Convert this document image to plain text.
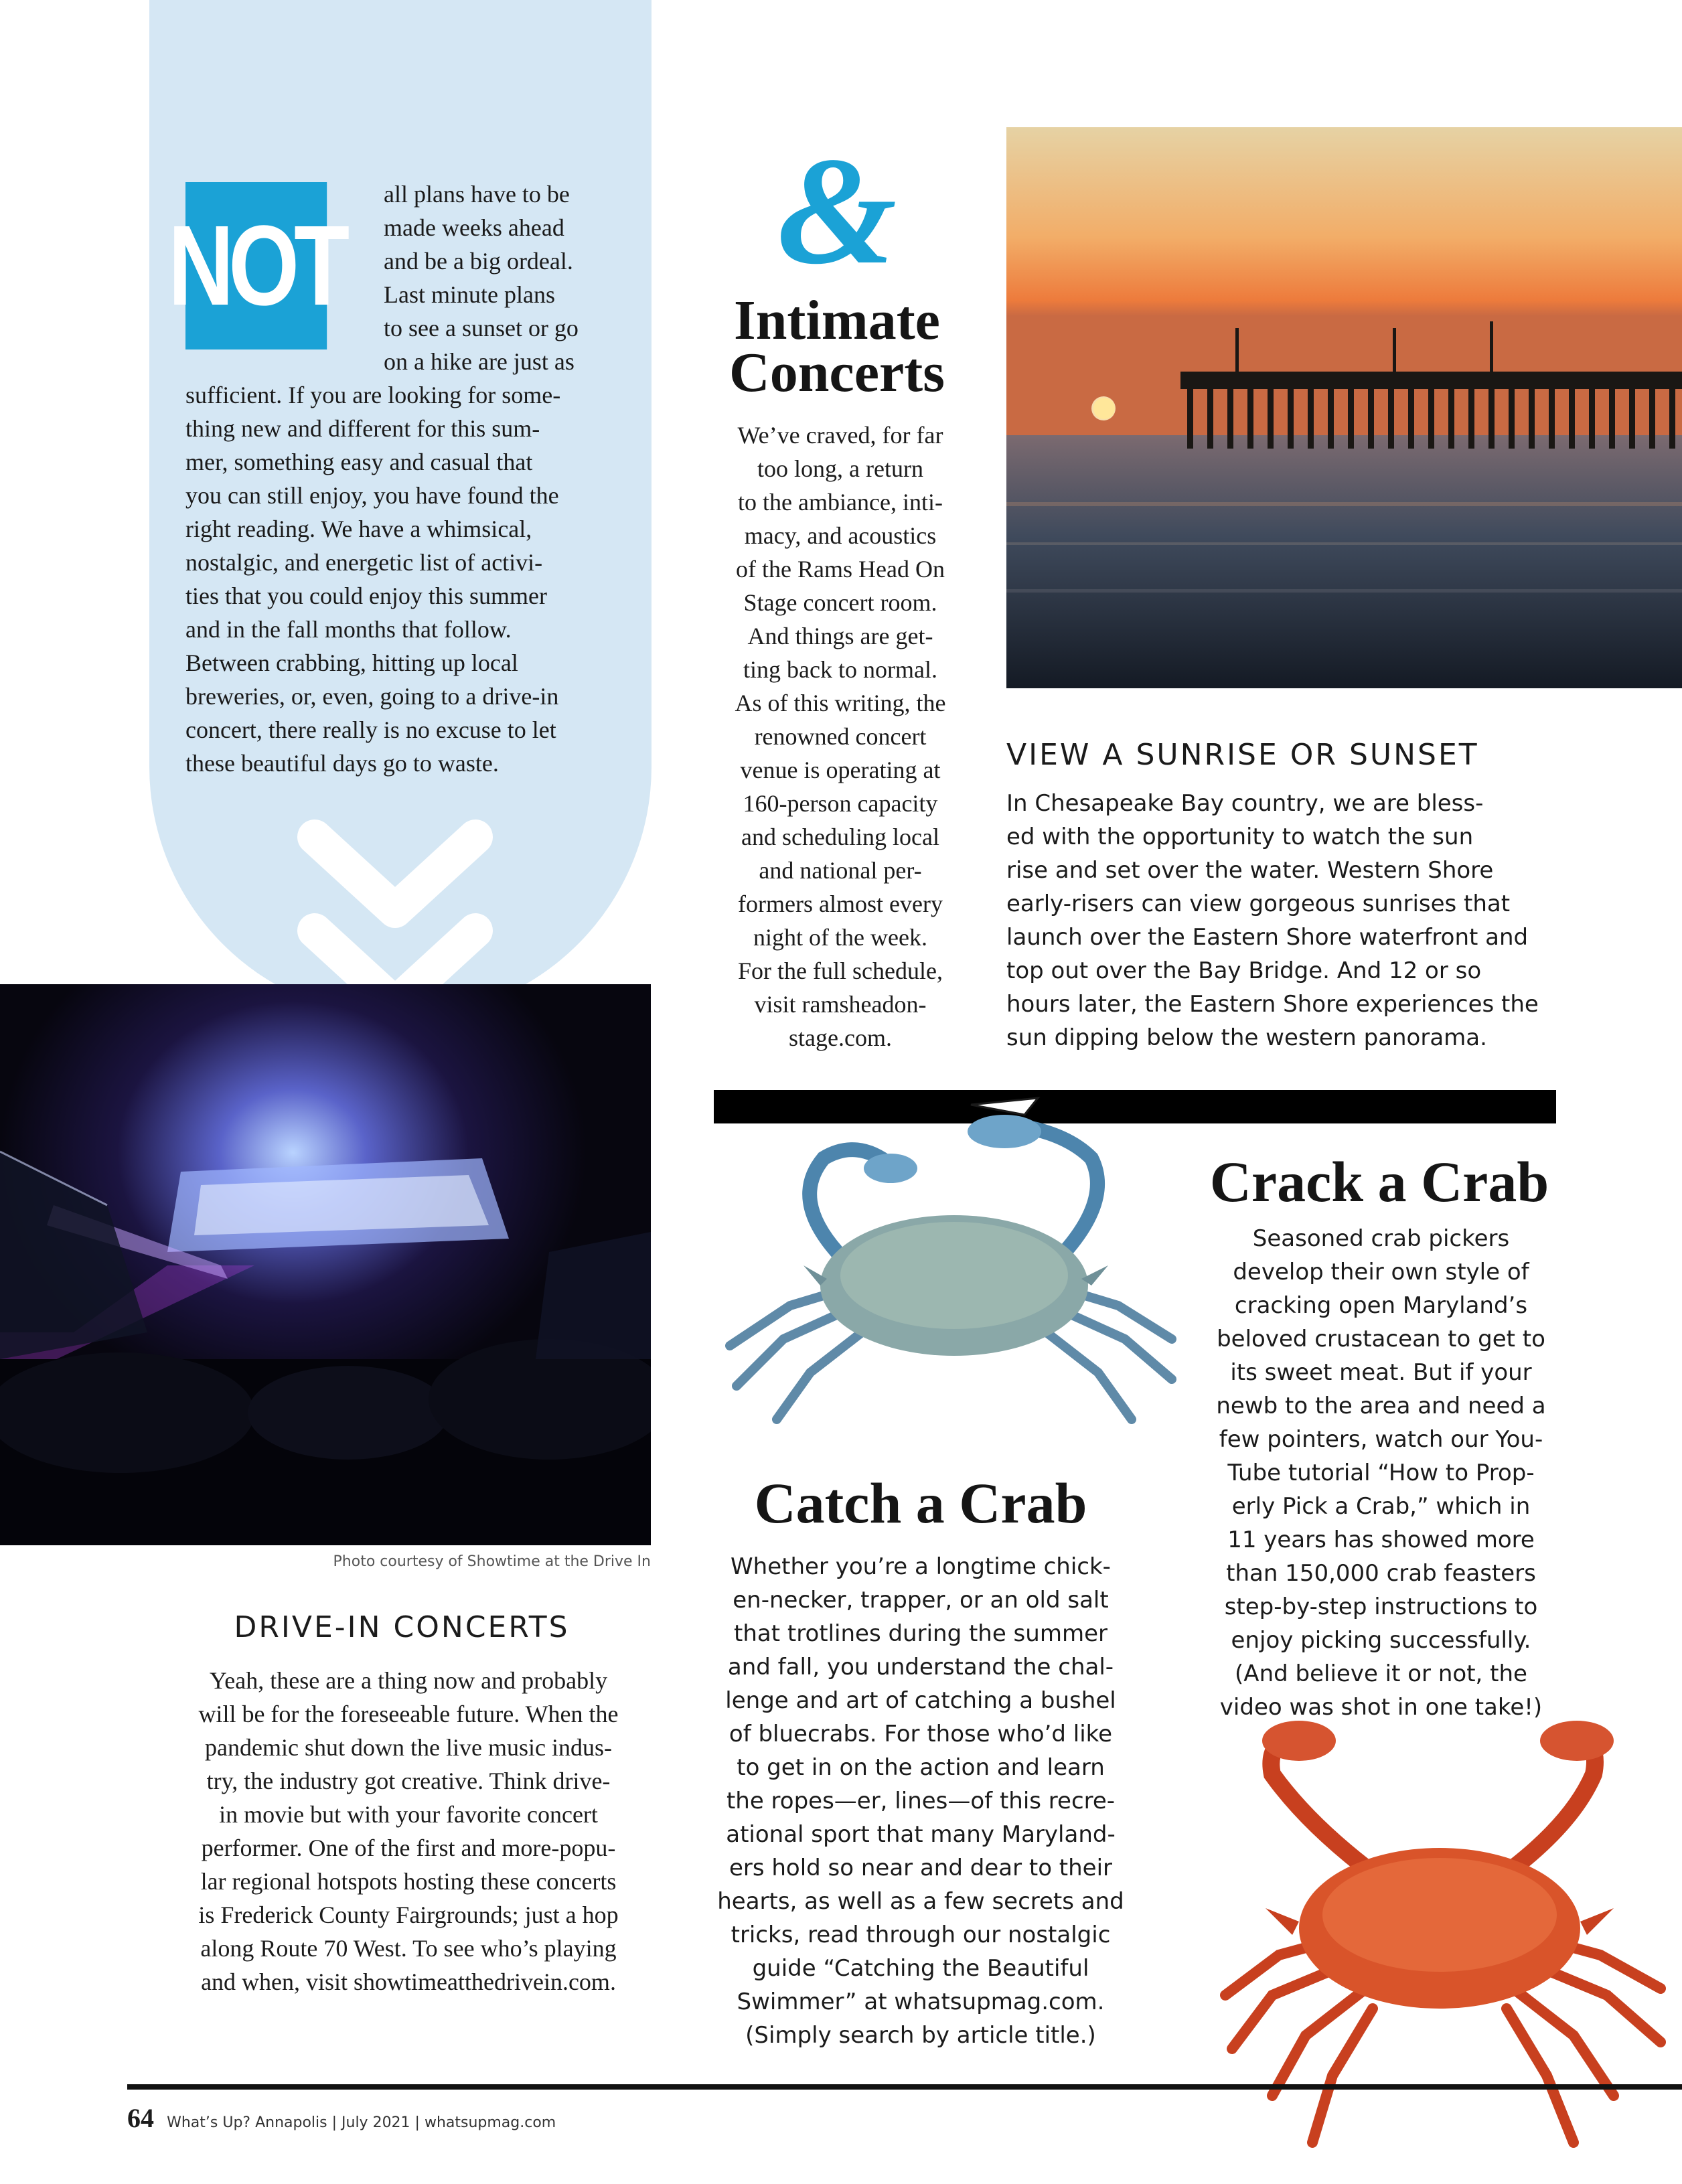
NOT
all plans have to be
made weeks ahead
and be a big ordeal.
Last minute plans
to see a sunset or go
on a hike are just as
sufficient. If you are looking for some-
thing new and different for this sum-
mer, something easy and casual that
you can still enjoy, you have found the
right reading. We have a whimsical,
nostalgic, and energetic list of activi-
ties that you could enjoy this summer
and in the fall months that follow.
Between crabbing, hitting up local
breweries, or, even, going to a drive-in
concert, there really is no excuse to let
these beautiful days go to waste.
Photo courtesy of Showtime at the Drive In
DRIVE-IN CONCERTS
Yeah, these are a thing now and probably
will be for the foreseeable future. When the
pandemic shut down the live music indus-
try, the industry got creative. Think drive-
in movie but with your favorite concert
performer. One of the first and more-popu-
lar regional hotspots hosting these concerts
is Frederick County Fairgrounds; just a hop
along Route 70 West. To see who’s playing
and when, visit showtimeatthedrivein.com.
&
Intimate
Concerts
We’ve craved, for far
too long, a return
to the ambiance, inti-
macy, and acoustics
of the Rams Head On
Stage concert room.
And things are get-
ting back to normal.
As of this writing, the
renowned concert
venue is operating at
160-person capacity
and scheduling local
and national per-
formers almost every
night of the week.
For the full schedule,
visit ramsheadon-
stage.com.
VIEW A SUNRISE OR SUNSET
In Chesapeake Bay country, we are bless-
ed with the opportunity to watch the sun
rise and set over the water. Western Shore
early-risers can view gorgeous sunrises that
launch over the Eastern Shore waterfront and
top out over the Bay Bridge. And 12 or so
hours later, the Eastern Shore experiences the
sun dipping below the western panorama.
Crack a Crab
Seasoned crab pickers
develop their own style of
cracking open Maryland’s
beloved crustacean to get to
its sweet meat. But if your
newb to the area and need a
few pointers, watch our You-
Tube tutorial “How to Prop-
erly Pick a Crab,” which in
11 years has showed more
than 150,000 crab feasters
step-by-step instructions to
enjoy picking successfully.
(And believe it or not, the
video was shot in one take!)
Catch a Crab
Whether you’re a longtime chick-
en-necker, trapper, or an old salt
that trotlines during the summer
and fall, you understand the chal-
lenge and art of catching a bushel
of bluecrabs. For those who’d like
to get in on the action and learn
the ropes—er, lines—of this recre-
ational sport that many Maryland-
ers hold so near and dear to their
hearts, as well as a few secrets and
tricks, read through our nostalgic
guide “Catching the Beautiful
Swimmer” at whatsupmag.com.
(Simply search by article title.)
64 What’s Up? Annapolis | July 2021 | whatsupmag.com
